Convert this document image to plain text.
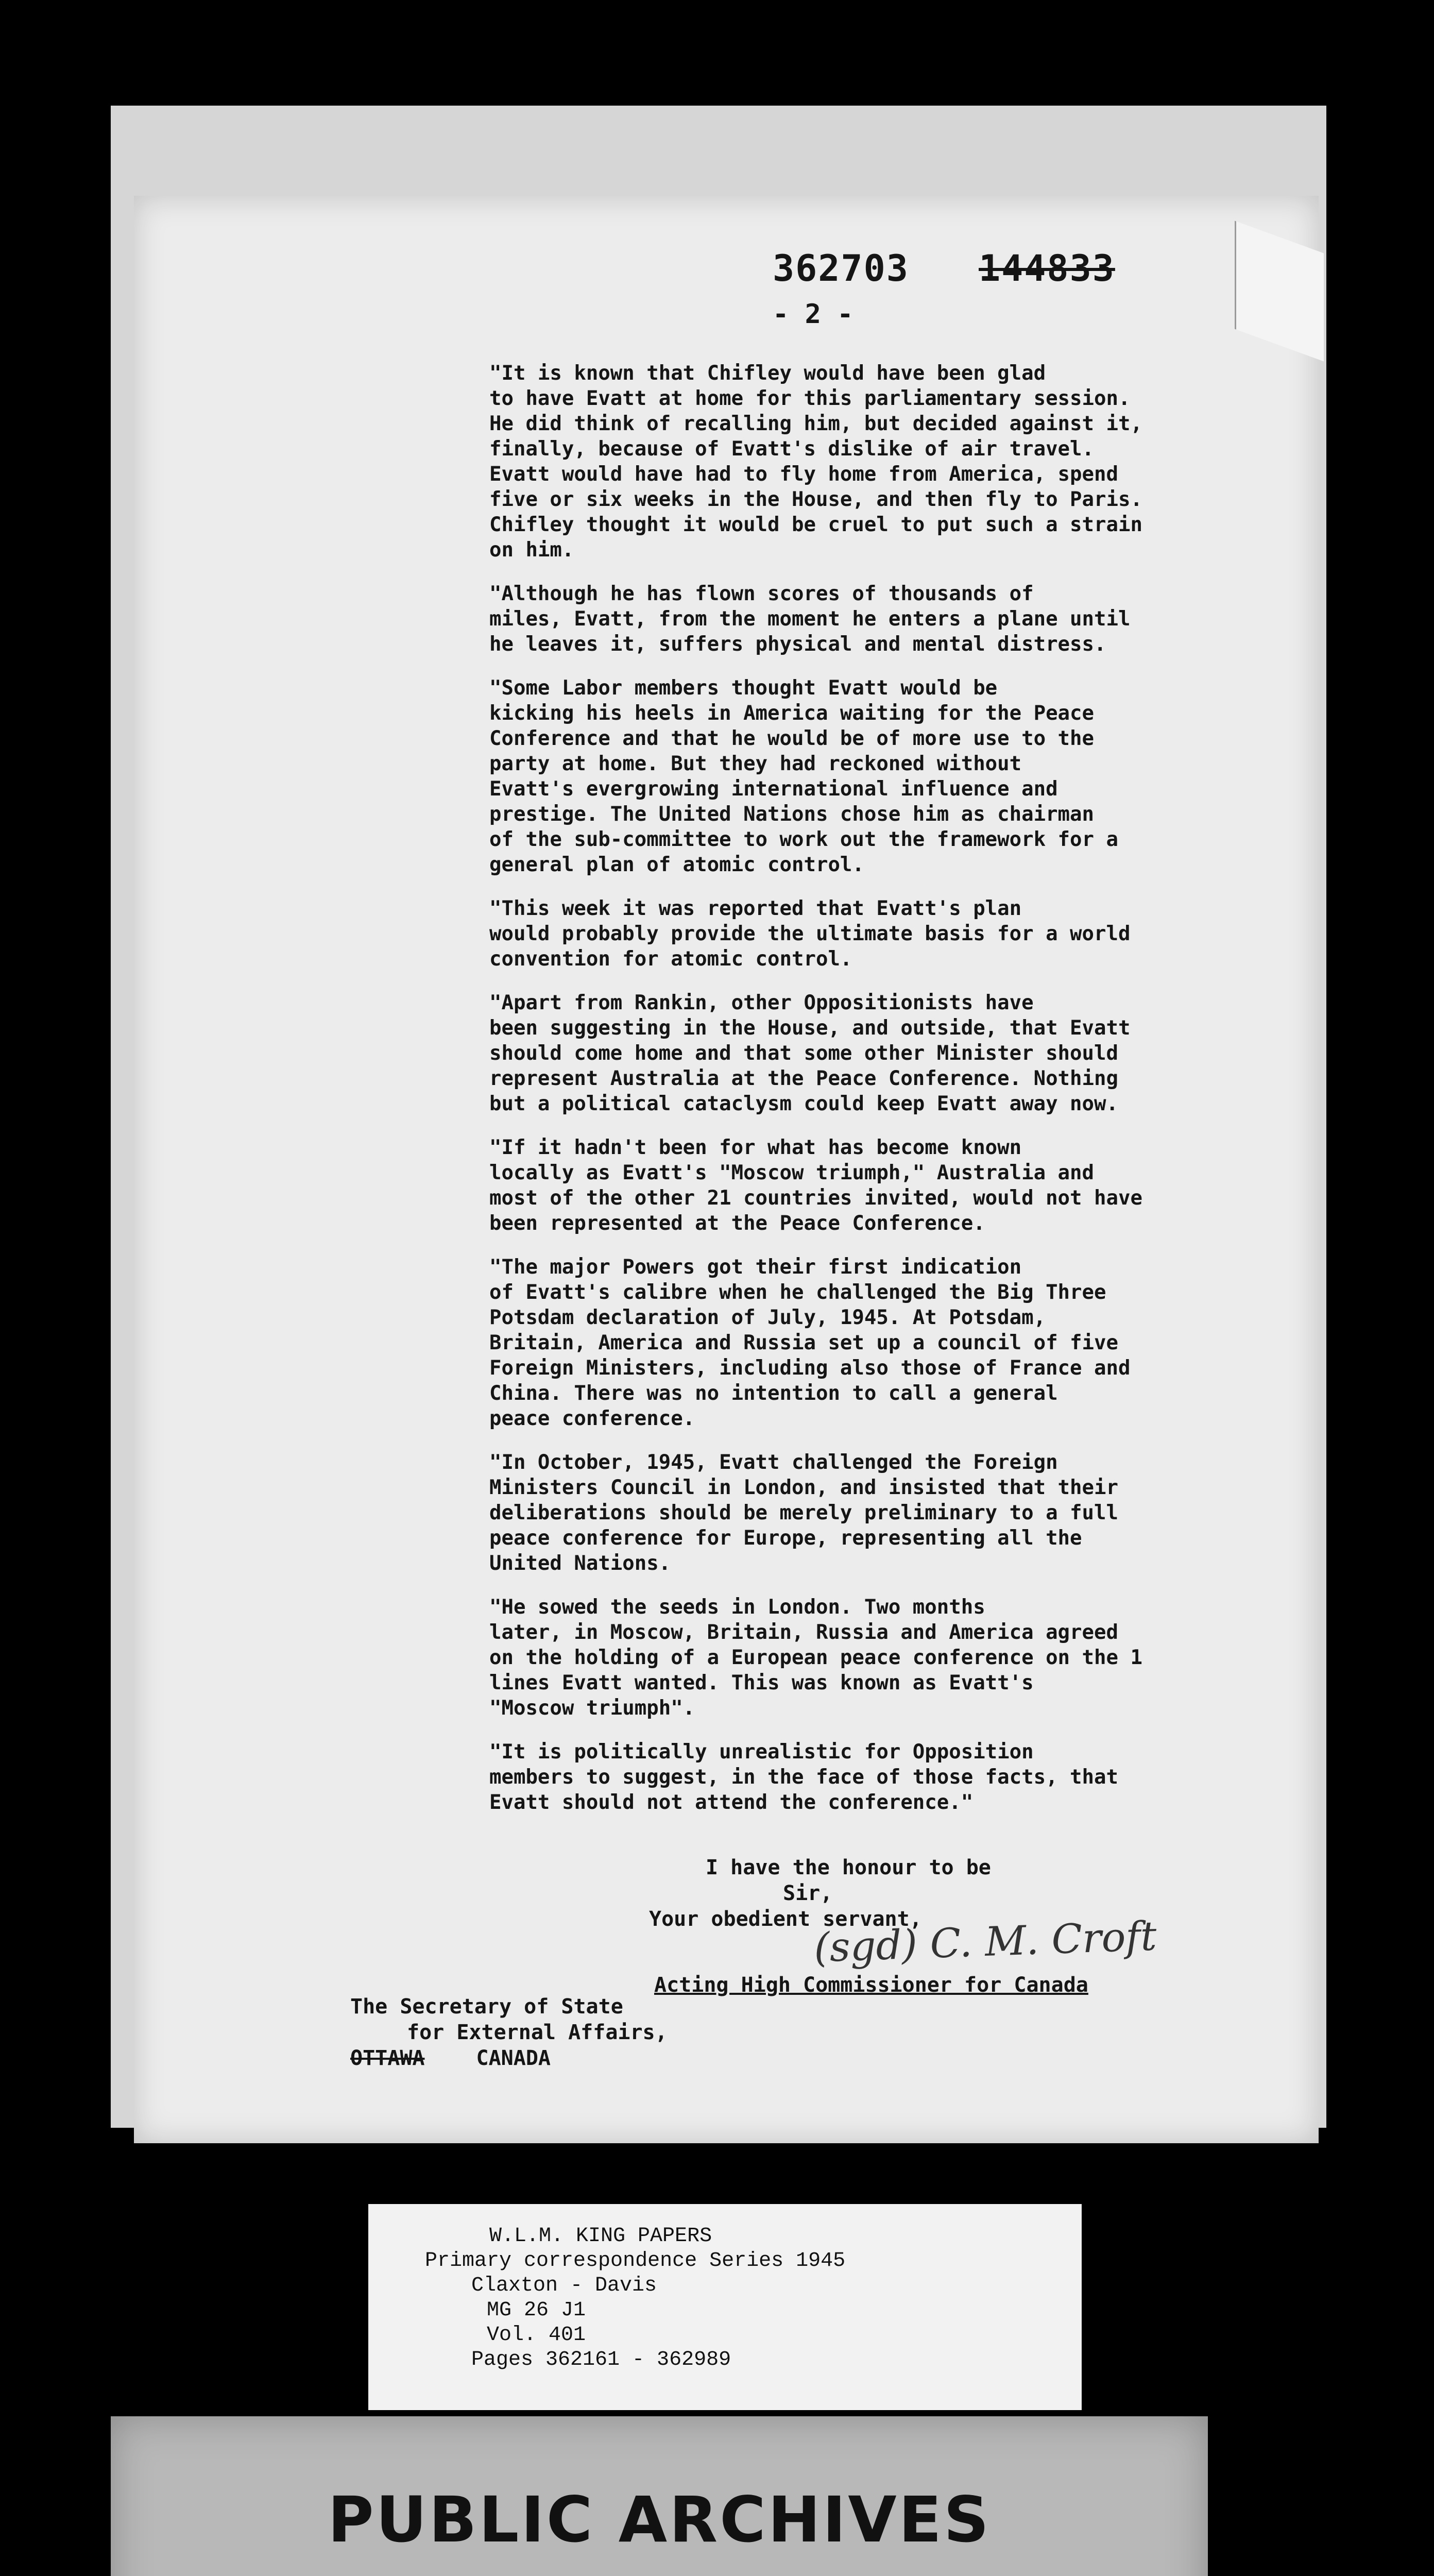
362703 144833
- 2 -

"It is known that Chifley would have been glad
to have Evatt at home for this parliamentary session.
He did think of recalling him, but decided against it,
finally, because of Evatt's dislike of air travel.
Evatt would have had to fly home from America, spend
five or six weeks in the House, and then fly to Paris.
Chifley thought it would be cruel to put such a strain
on him.

"Although he has flown scores of thousands of
miles, Evatt, from the moment he enters a plane until
he leaves it, suffers physical and mental distress.

"Some Labor members thought Evatt would be
kicking his heels in America waiting for the Peace
Conference and that he would be of more use to the
party at home. But they had reckoned without
Evatt's evergrowing international influence and
prestige. The United Nations chose him as chairman
of the sub-committee to work out the framework for a
general plan of atomic control.

"This week it was reported that Evatt's plan
would probably provide the ultimate basis for a world
convention for atomic control.

"Apart from Rankin, other Oppositionists have
been suggesting in the House, and outside, that Evatt
should come home and that some other Minister should
represent Australia at the Peace Conference. Nothing
but a political cataclysm could keep Evatt away now.

"If it hadn't been for what has become known
locally as Evatt's "Moscow triumph," Australia and
most of the other 21 countries invited, would not have
been represented at the Peace Conference.

"The major Powers got their first indication
of Evatt's calibre when he challenged the Big Three
Potsdam declaration of July, 1945. At Potsdam,
Britain, America and Russia set up a council of five
Foreign Ministers, including also those of France and
China. There was no intention to call a general
peace conference.

"In October, 1945, Evatt challenged the Foreign
Ministers Council in London, and insisted that their
deliberations should be merely preliminary to a full
peace conference for Europe, representing all the
United Nations.

"He sowed the seeds in London. Two months
later, in Moscow, Britain, Russia and America agreed
on the holding of a European peace conference on the 1
lines Evatt wanted. This was known as Evatt's
"Moscow triumph".

"It is politically unrealistic for Opposition
members to suggest, in the face of those facts, that
Evatt should not attend the conference."

I have the honour to be
Sir,
Your obedient servant,
(sgd) C. M. Croft
Acting High Commissioner for Canada
The Secretary of State
for External Affairs,
OTTAWA	CANADA
W.L.M. KING PAPERS
Primary correspondence Series 1945
Claxton - Davis
MG 26 J1
Vol. 401
Pages 362161 - 362989
PUBLIC ARCHIVES
